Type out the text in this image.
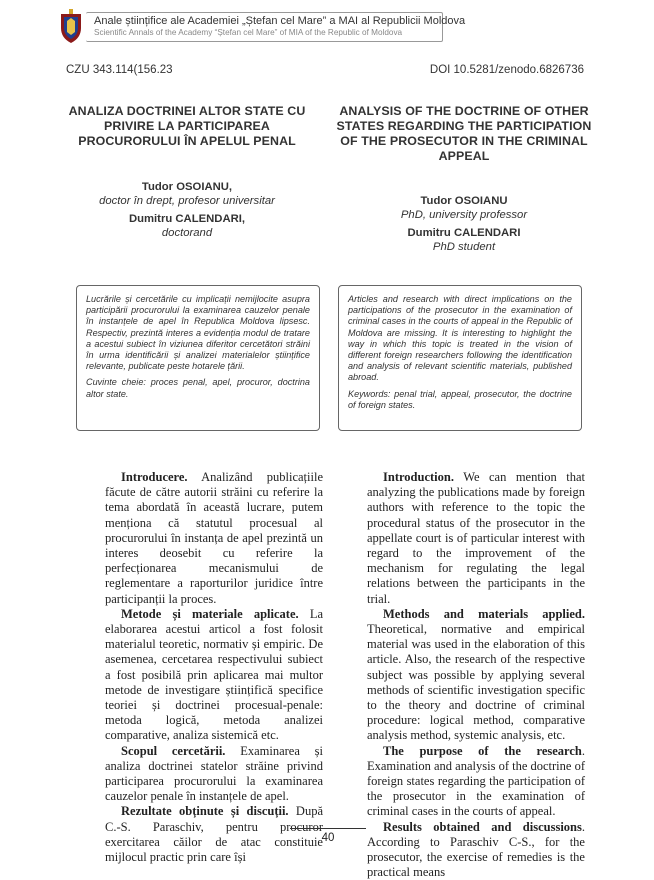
Anale științifice ale Academiei „Ștefan cel Mare” a MAI al Republicii Moldova
Scientific Annals of the Academy “Ștefan cel Mare” of MIA of the Republic of Moldova
CZU 343.114(156.23	DOI 10.5281/zenodo.6826736
ANALIZA DOCTRINEI ALTOR STATE CU PRIVIRE LA PARTICIPAREA PROCURORULUI ÎN APELUL PENAL
ANALYSIS OF THE DOCTRINE OF OTHER STATES REGARDING THE PARTICIPATION OF THE PROSECUTOR IN THE CRIMINAL APPEAL
Tudor OSOIANU,
doctor în drept, profesor universitar
Dumitru CALENDARI,
doctorand
Tudor OSOIANU
PhD, university professor
Dumitru CALENDARI
PhD student
Lucrările și cercetările cu implicații nemijlocite asupra participării procurorului la examinarea cauzelor penale în instanțele de apel în Republica Moldova lipsesc. Respectiv, prezintă interes a evidenția modul de tratare a acestui subiect în viziunea diferitor cercetători străini în urma identificării și analizei materialelor științifice relevante, publicate peste hotarele țării.
Cuvinte cheie: proces penal, apel, procuror, doctrina altor state.
Articles and research with direct implications on the participations of the prosecutor in the examination of criminal cases in the courts of appeal in the Republic of Moldova are missing. It is interesting to highlight the way in which this topic is treated in the vision of different foreign researchers following the identification and analysis of relevant scientific materials, published abroad.
Keywords: penal trial, appeal, prosecutor, the doctrine of foreign states.

Introducere. Analizând publicațiile făcute de către autorii străini cu referire la tema abordată în această lucrare, putem menționa că statutul procesual al procurorului în instanța de apel prezintă un interes deosebit cu referire la perfecționarea mecanismului de reglementare a raporturilor juridice între participanții la proces.

Metode și materiale aplicate. La elaborarea acestui articol a fost folosit materialul teoretic, normativ și empiric. De asemenea, cercetarea respectivului subiect a fost posibilă prin aplicarea mai multor metode de investigare științifică specifice teoriei și doctrinei procesual-penale: metoda logică, metoda analizei comparative, analiza sistemică etc.

Scopul cercetării. Examinarea și analiza doctrinei statelor străine privind participarea procurorului la examinarea cauzelor penale în instanțele de apel.

Rezultate obținute și discuții. După C.-S. Paraschiv, pentru procuror exercitarea căilor de atac constituie mijlocul practic prin care își

Introduction. We can mention that analyzing the publications made by foreign authors with reference to the topic the procedural status of the prosecutor in the appellate court is of particular interest with regard to the improvement of the mechanism for regulating the legal relations between the participants in the trial.

Methods and materials applied. Theoretical, normative and empirical material was used in the elaboration of this article. Also, the research of the respective subject was possible by applying several methods of scientific investigation specific to the theory and doctrine of criminal procedure: logical method, comparative analysis method, systemic analysis, etc.

The purpose of the research. Examination and analysis of the doctrine of foreign states regarding the participation of the prosecutor in the examination of criminal cases in the courts of appeal.

Results obtained and discussions. According to Paraschiv C-S., for the prosecutor, the exercise of remedies is the practical means

40
